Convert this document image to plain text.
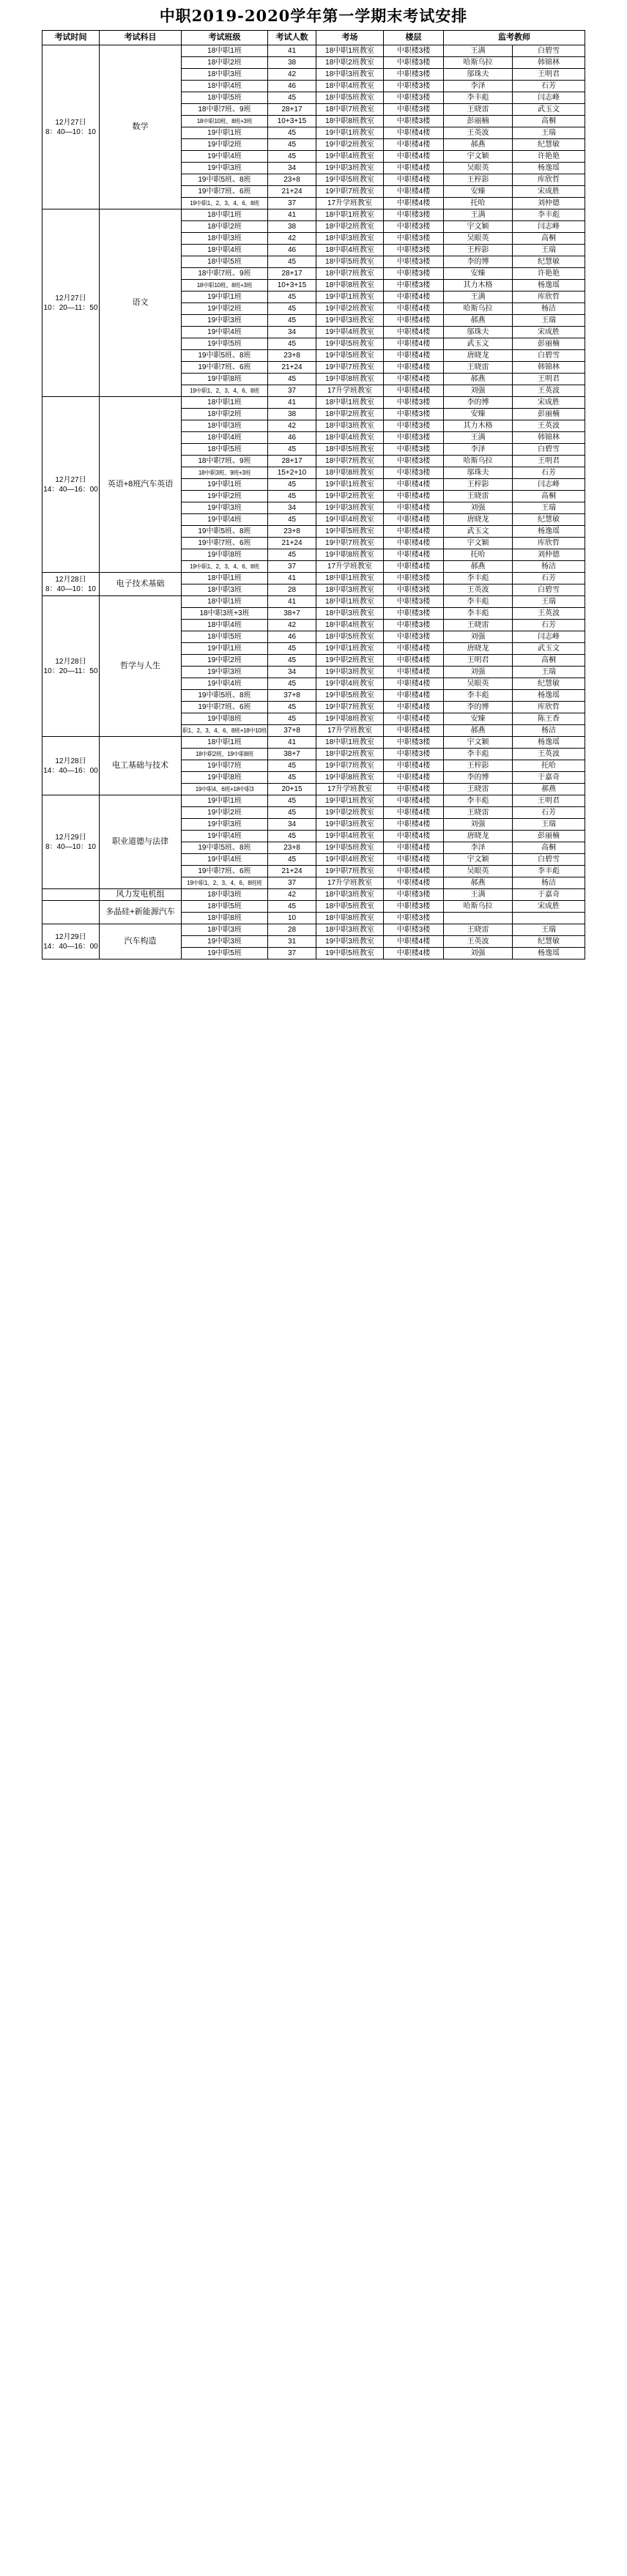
中职2019-2020学年第一学期末考试安排
考试时间	考试科目	考试班级	考试人数	考场	楼层	监考教师	

12月27日
8：40—10：10	数学	18中职1班	41	18中职1班教室	中职楼3楼	王满	白碧雪
		18中职2班	38	18中职2班教室	中职楼3楼	哈斯乌拉	韩锦林
		18中职3班	42	18中职3班教室	中职楼3楼	邬珠夫	王明君
		18中职4班	46	18中职4班教室	中职楼3楼	李泽	石芳
		18中职5班	45	18中职5班教室	中职楼3楼	李丰彪	闫志峰
		18中职7班、9班	28+17	18中职7班教室	中职楼3楼	王晓雷	武玉文
		18中职10班、8班+3班	10+3+15	18中职8班教室	中职楼3楼	彭丽楠	高桐
		19中职1班	45	19中职1班教室	中职楼4楼	王英波	王瑞
		19中职2班	45	19中职2班教室	中职楼4楼	郝燕	纪慧敏
		19中职4班	45	19中职4班教室	中职楼4楼	宇文颖	许艳艳
		19中职3班	34	19中职3班教室	中职楼4楼	吴眼英	杨逸瑶
		19中职5班、8班	23+8	19中职5班教室	中职楼4楼	王梓影	库欣哲
		19中职7班、6班	21+24	19中职7班教室	中职楼4楼	安臻	宋成胜
		19中职1、2、3、4、6、8班	37	17升学班教室	中职楼4楼	托哈	刘仲德

12月27日
10：20—11：50	语文	18中职1班	41	18中职1班教室	中职楼3楼	王满	李丰彪
		18中职2班	38	18中职2班教室	中职楼3楼	宇文颖	闫志峰
		18中职3班	42	18中职3班教室	中职楼3楼	吴眼英	高桐
		18中职4班	46	18中职4班教室	中职楼3楼	王梓影	王瑞
		18中职5班	45	18中职5班教室	中职楼3楼	李的博	纪慧敏
		18中职7班、9班	28+17	18中职7班教室	中职楼3楼	安臻	许艳艳
		18中职10班、8班+3班	10+3+15	18中职8班教室	中职楼3楼	其力木格	杨逸瑶
		19中职1班	45	19中职1班教室	中职楼4楼	王满	库欣哲
		19中职2班	45	19中职2班教室	中职楼4楼	哈斯乌拉	杨洁
		19中职3班	45	19中职3班教室	中职楼4楼	郝燕	王瑞
		19中职4班	34	19中职4班教室	中职楼4楼	邬珠夫	宋成胜
		19中职5班	45	19中职5班教室	中职楼4楼	武玉文	彭丽楠
		19中职5班、8班	23+8	19中职5班教室	中职楼4楼	唐晓龙	白碧雪
		19中职7班、6班	21+24	19中职7班教室	中职楼4楼	王晓雷	韩锦林
		19中职8班	45	19中职8班教室	中职楼4楼	郝燕	王明君
		19中职1、2、3、4、6、8班	37	17升学班教室	中职楼4楼	刘强	王英波

12月27日
14：40—16：00	英语+8班汽车英语	18中职1班	41	18中职1班教室	中职楼3楼	李的博	宋成胜
		18中职2班	38	18中职2班教室	中职楼3楼	安臻	彭丽楠
		18中职3班	42	18中职3班教室	中职楼3楼	其力木格	王英波
		18中职4班	46	18中职4班教室	中职楼3楼	王满	韩锦林
		18中职5班	45	18中职5班教室	中职楼3楼	李泽	白碧雪
		18中职7班、9班	28+17	18中职7班教室	中职楼3楼	哈斯乌拉	王明君
		18中职3班、9班+3班	15+2+10	18中职8班教室	中职楼3楼	邬珠夫	石芳
		19中职1班	45	19中职1班教室	中职楼4楼	王梓影	闫志峰
		19中职2班	45	19中职2班教室	中职楼4楼	王晓雷	高桐
		19中职3班	34	19中职3班教室	中职楼4楼	刘强	王瑞
		19中职4班	45	19中职4班教室	中职楼4楼	唐晓龙	纪慧敏
		19中职5班、8班	23+8	19中职5班教室	中职楼4楼	武玉文	杨逸瑶
		19中职7班、6班	21+24	19中职7班教室	中职楼4楼	宇文颖	库欣哲
		19中职8班	45	19中职8班教室	中职楼4楼	托哈	刘仲德
		19中职1、2、3、4、6、8班	37	17升学班教室	中职楼4楼	郝燕	杨洁

12月28日
8：40—10：10	电子技术基础	18中职1班	41	18中职1班教室	中职楼3楼	李丰彪	石芳
		18中职3班	28	18中职3班教室	中职楼3楼	王英波	白碧雪

12月28日
10：20—11：50	哲学与人生	18中职1班	41	18中职1班教室	中职楼3楼	李丰彪	王瑞
		18中职3班+3班	38+7	18中职3班教室	中职楼3楼	李丰彪	王英波
		18中职4班	42	18中职4班教室	中职楼3楼	王晓雷	石芳
		18中职5班	46	18中职5班教室	中职楼3楼	刘强	闫志峰
		19中职1班	45	19中职1班教室	中职楼4楼	唐晓龙	武玉文
		19中职2班	45	19中职2班教室	中职楼4楼	王明君	高桐
		19中职3班	34	19中职3班教室	中职楼4楼	刘强	王瑞
		19中职4班	45	19中职4班教室	中职楼4楼	吴眼英	纪慧敏
		19中职5班、8班	37+8	19中职5班教室	中职楼4楼	李丰彪	杨逸瑶
		19中职7班、6班	45	19中职7班教室	中职楼4楼	李的博	库欣哲
		19中职8班	45	19中职8班教室	中职楼4楼	安臻	陈王香
		职1、2、3、4、6、8班+18中10班	37+8	17升学班教室	中职楼4楼	郝燕	杨洁

12月28日
14：40—16：00	电工基础与技术	18中职1班	41	18中职1班教室	中职楼3楼	宇文颖	杨逸瑶
		18中职2班、19中职8班	38+7	18中职2班教室	中职楼3楼	李丰彪	王英波
		19中职7班	45	19中职7班教室	中职楼4楼	王梓影	托哈
		19中职8班	45	19中职8班教室	中职楼4楼	李的博	于嘉奇
		19中职4、6班+18中职3	20+15	17升学班教室	中职楼4楼	王晓雷	郝燕

12月29日
8：40—10：10	职业道德与法律	19中职1班	45	19中职1班教室	中职楼4楼	李丰彪	王明君
		19中职2班	45	19中职2班教室	中职楼4楼	王晓雷	石芳
		19中职3班	34	19中职3班教室	中职楼4楼	刘强	王瑞
		19中职4班	45	19中职4班教室	中职楼4楼	唐晓龙	彭丽楠
		19中职5班、8班	23+8	19中职5班教室	中职楼4楼	李泽	高桐
		19中职4班	45	19中职4班教室	中职楼4楼	宇文颖	白碧雪
		19中职7班、6班	21+24	19中职7班教室	中职楼4楼	吴眼英	李丰彪
		19中职1、2、3、4、6、8班班	37	17升学班教室	中职楼4楼	郝燕	杨洁

	风力发电机组	18中职3班	42	18中职3班教室	中职楼3楼	王满	于嘉奇

	多晶硅+新能源汽车	18中职5班	45	18中职5班教室	中职楼3楼	哈斯乌拉	宋成胜
		18中职8班	10	18中职8班教室	中职楼3楼		

12月29日
14：40—16：00	汽车构造	18中职3班	28	18中职3班教室	中职楼3楼	王晓雷	王瑞
		19中职3班	31	19中职3班教室	中职楼4楼	王英波	纪慧敏
		19中职5班	37	19中职5班教室	中职楼4楼	刘强	杨逸瑶
